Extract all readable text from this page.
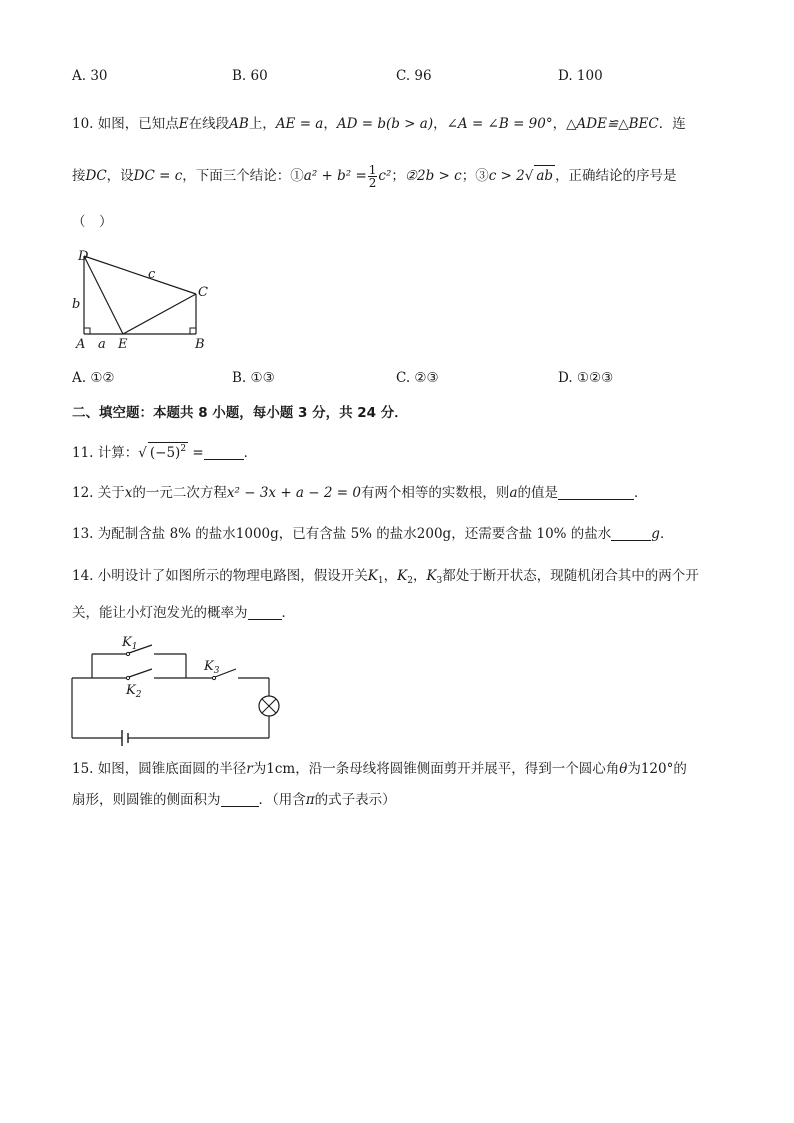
A. 30	B. 60	C. 96	D. 100
10. 如图，已知点E在线段AB上，AE = a，AD = b(b > a)，∠A = ∠B = 90°，△ADE≌△BEC．连
接DC，设DC = c，下面三个结论：①a² + $b^2 = \frac{1}{2} c^2$；②2b > c；③c > 2√ ab ，正确结论的序号是
（　）
D
C
c
b
A a E	B
A. ①②	B. ①③	C. ②③	D. ①②③
二、填空题：本题共 8 小题，每小题 3 分，共 24 分．
11. 计算：√ $(-5)^2$ =	．
12. 关于x的一元二次方程x² − 3x + a − 2 = 0有两个相等的实数根，则a的值是	．
13. 为配制含盐 8% 的盐水1000g，已有含盐 5% 的盐水200g，还需要含盐 10% 的盐水	g．
14. 小明设计了如图所示的物理电路图，假设开关$K_1$，$K_2$，$K_3$都处于断开状态，现随机闭合其中的两个开
关，能让小灯泡发光的概率为	．
$K_1$
$K_2$
$K_3$
15. 如图，圆锥底面圆的半径r为1cm，沿一条母线将圆锥侧面剪开并展平，得到一个圆心角θ为120°的
扇形，则圆锥的侧面积为	．（用含π的式子表示）
